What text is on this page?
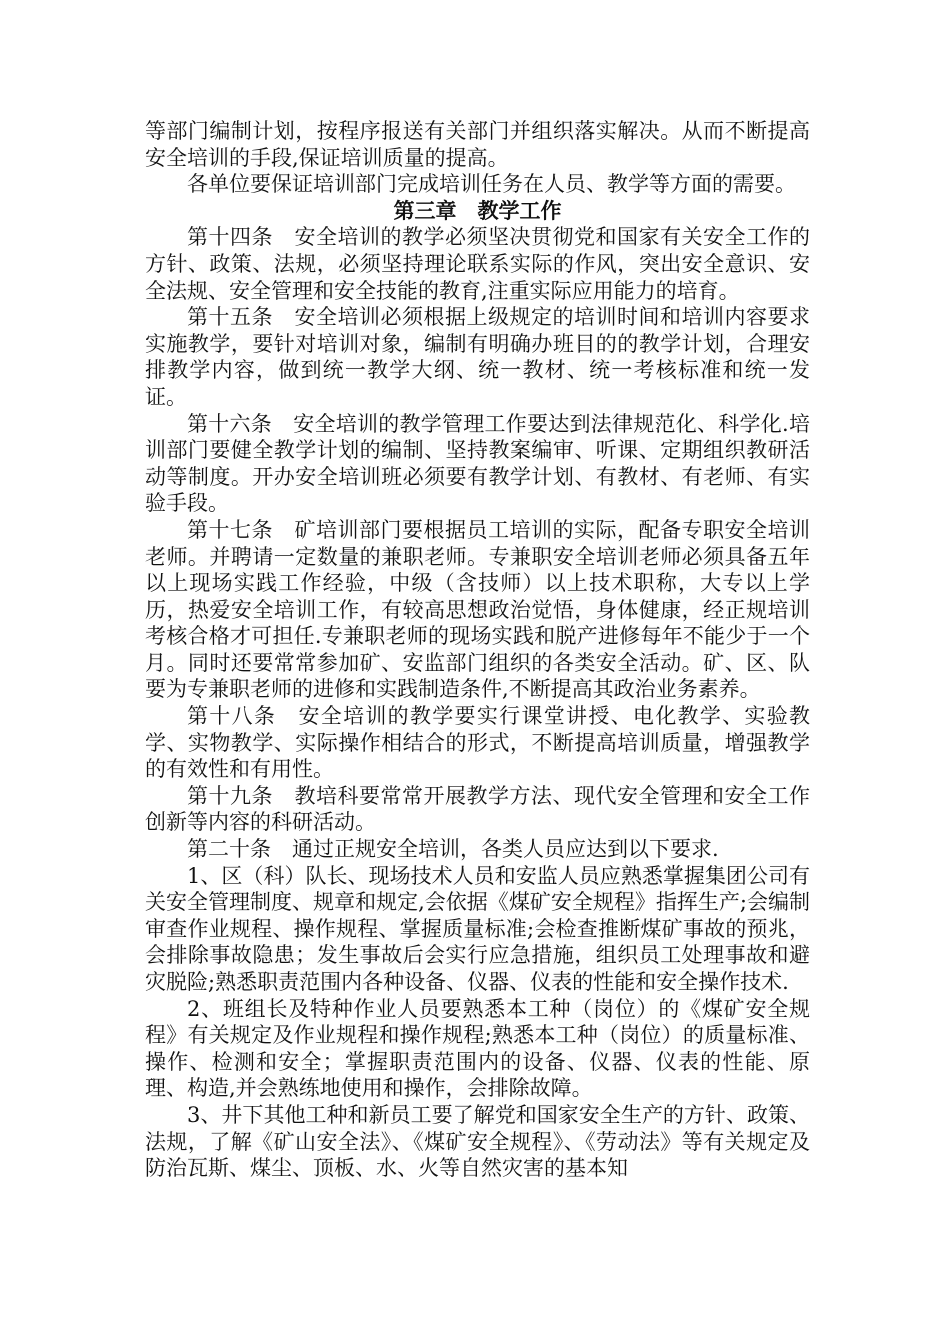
等部门编制计划，按程序报送有关部门并组织落实解决。从而不断提高安全培训的手段,保证培训质量的提高。

各单位要保证培训部门完成培训任务在人员、教学等方面的需要。

第三章　教学工作

第十四条　安全培训的教学必须坚决贯彻党和国家有关安全工作的方针、政策、法规，必须坚持理论联系实际的作风，突出安全意识、安全法规、安全管理和安全技能的教育,注重实际应用能力的培育。

第十五条　安全培训必须根据上级规定的培训时间和培训内容要求实施教学，要针对培训对象，编制有明确办班目的的教学计划，合理安排教学内容，做到统一教学大纲、统一教材、统一考核标准和统一发证。

第十六条　安全培训的教学管理工作要达到法律规范化、科学化.培训部门要健全教学计划的编制、坚持教案编审、听课、定期组织教研活动等制度。开办安全培训班必须要有教学计划、有教材、有老师、有实验手段。

第十七条　矿培训部门要根据员工培训的实际，配备专职安全培训老师。并聘请一定数量的兼职老师。专兼职安全培训老师必须具备五年以上现场实践工作经验，中级（含技师）以上技术职称，大专以上学历，热爱安全培训工作，有较高思想政治觉悟，身体健康，经正规培训考核合格才可担任.专兼职老师的现场实践和脱产进修每年不能少于一个月。同时还要常常参加矿、安监部门组织的各类安全活动。矿、区、队要为专兼职老师的进修和实践制造条件,不断提高其政治业务素养。

第十八条　安全培训的教学要实行课堂讲授、电化教学、实验教学、实物教学、实际操作相结合的形式，不断提高培训质量，增强教学的有效性和有用性。

第十九条　教培科要常常开展教学方法、现代安全管理和安全工作创新等内容的科研活动。

第二十条　通过正规安全培训，各类人员应达到以下要求.

1、区（科）队长、现场技术人员和安监人员应熟悉掌握集团公司有关安全管理制度、规章和规定,会依据《煤矿安全规程》指挥生产;会编制审查作业规程、操作规程、掌握质量标准;会检查推断煤矿事故的预兆，会排除事故隐患；发生事故后会实行应急措施，组织员工处理事故和避灾脱险;熟悉职责范围内各种设备、仪器、仪表的性能和安全操作技术.

2、班组长及特种作业人员要熟悉本工种（岗位）的《煤矿安全规程》有关规定及作业规程和操作规程;熟悉本工种（岗位）的质量标准、操作、检测和安全；掌握职责范围内的设备、仪器、仪表的性能、原理、构造,并会熟练地使用和操作，会排除故障。

3、井下其他工种和新员工要了解党和国家安全生产的方针、政策、法规，了解《矿山安全法》、《煤矿安全规程》、《劳动法》等有关规定及防治瓦斯、煤尘、顶板、水、火等自然灾害的基本知
